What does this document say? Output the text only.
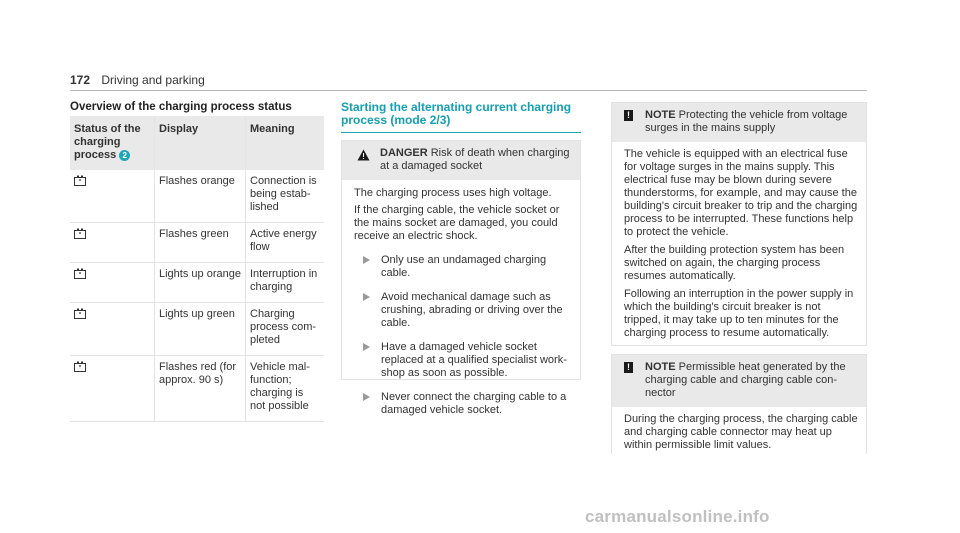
172 Driving and parking
Overview of the charging process status
Status of the charging process 2	Display	Meaning
	Flashes orange	Connection is being established
	Flashes green	Active energy flow
	Lights up orange	Interruption in charging
	Lights up green	Charging process completed
	Flashes red (for approx. 90 s)	Vehicle malfunction; charging is not possible
Starting the alternating current charging process (mode 2/3)
DANGER Risk of death when charging at a damaged socket

The charging process uses high voltage.

If the charging cable, the vehicle socket or the mains socket are damaged, you could receive an electric shock.

Only use an undamaged charging cable.
Avoid mechanical damage such as crushing, abrading or driving over the cable.
Have a damaged vehicle socket replaced at a qualified specialist workshop as soon as possible.
Never connect the charging cable to a damaged vehicle socket.
! NOTE Protecting the vehicle from voltage surges in the mains supply

The vehicle is equipped with an electrical fuse for voltage surges in the mains supply. This electrical fuse may be blown during severe thunderstorms, for example, and may cause the building's circuit breaker to trip and the charging process to be interrupted. These functions help to protect the vehicle.

After the building protection system has been switched on again, the charging process resumes automatically.

Following an interruption in the power supply in which the building's circuit breaker is not tripped, it may take up to ten minutes for the charging process to resume automatically.

! NOTE Permissible heat generated by the charging cable and charging cable connector

During the charging process, the charging cable and charging cable connector may heat up within permissible limit values.

carmanualsonline.info
